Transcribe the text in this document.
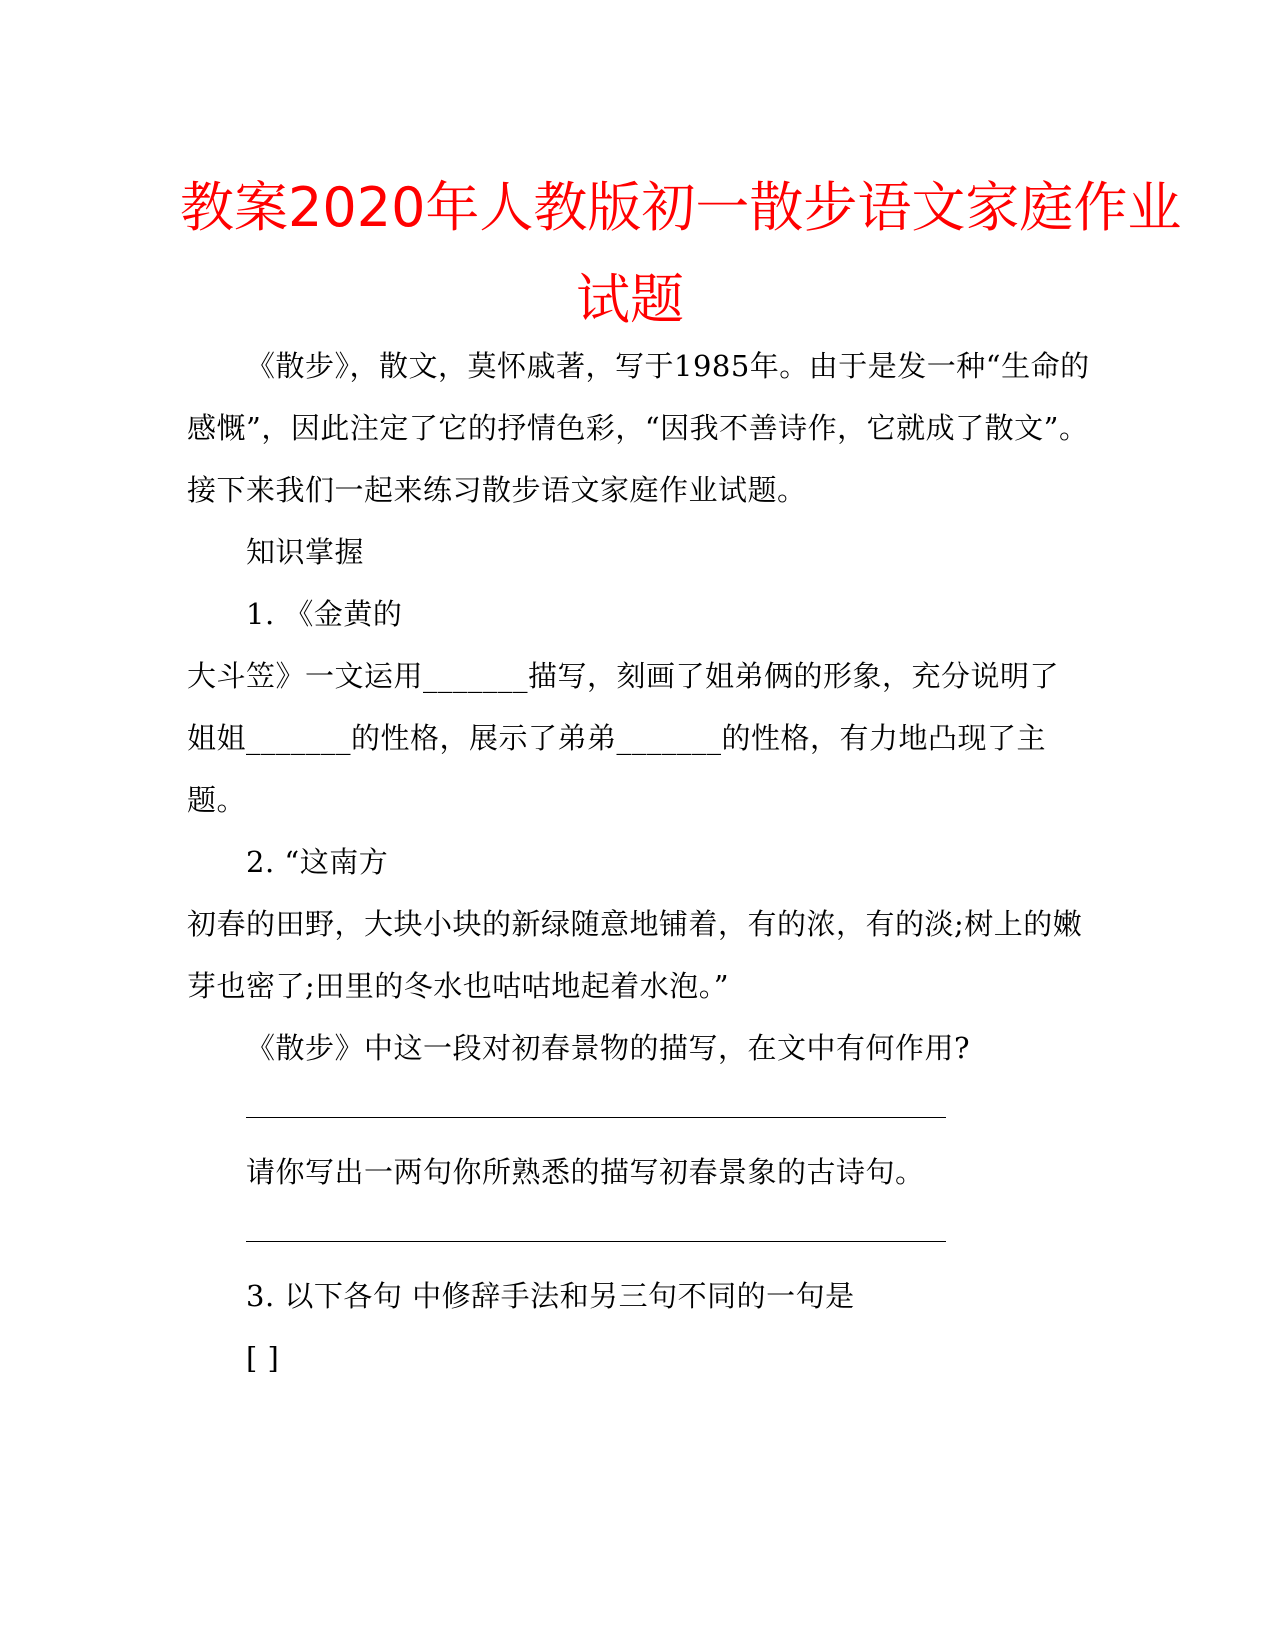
教案2020年人教版初一散步语文家庭作业
试题
《散步》，散文，莫怀戚著，写于1985年。由于是发一种“生命的
感慨”，因此注定了它的抒情色彩，“因我不善诗作，它就成了散文”。
接下来我们一起来练习散步语文家庭作业试题。
知识掌握
1. 《金黄的
大斗笠》一文运用_______描写，刻画了姐弟俩的形象，充分说明了
姐姐_______的性格，展示了弟弟_______的性格，有力地凸现了主
题。
2. “这南方
初春的田野，大块小块的新绿随意地铺着，有的浓，有的淡;树上的嫩
芽也密了;田里的冬水也咕咕地起着水泡。”
《散步》中这一段对初春景物的描写，在文中有何作用?
请你写出一两句你所熟悉的描写初春景象的古诗句。
3. 以下各句 中修辞手法和另三句不同的一句是
[ ]
